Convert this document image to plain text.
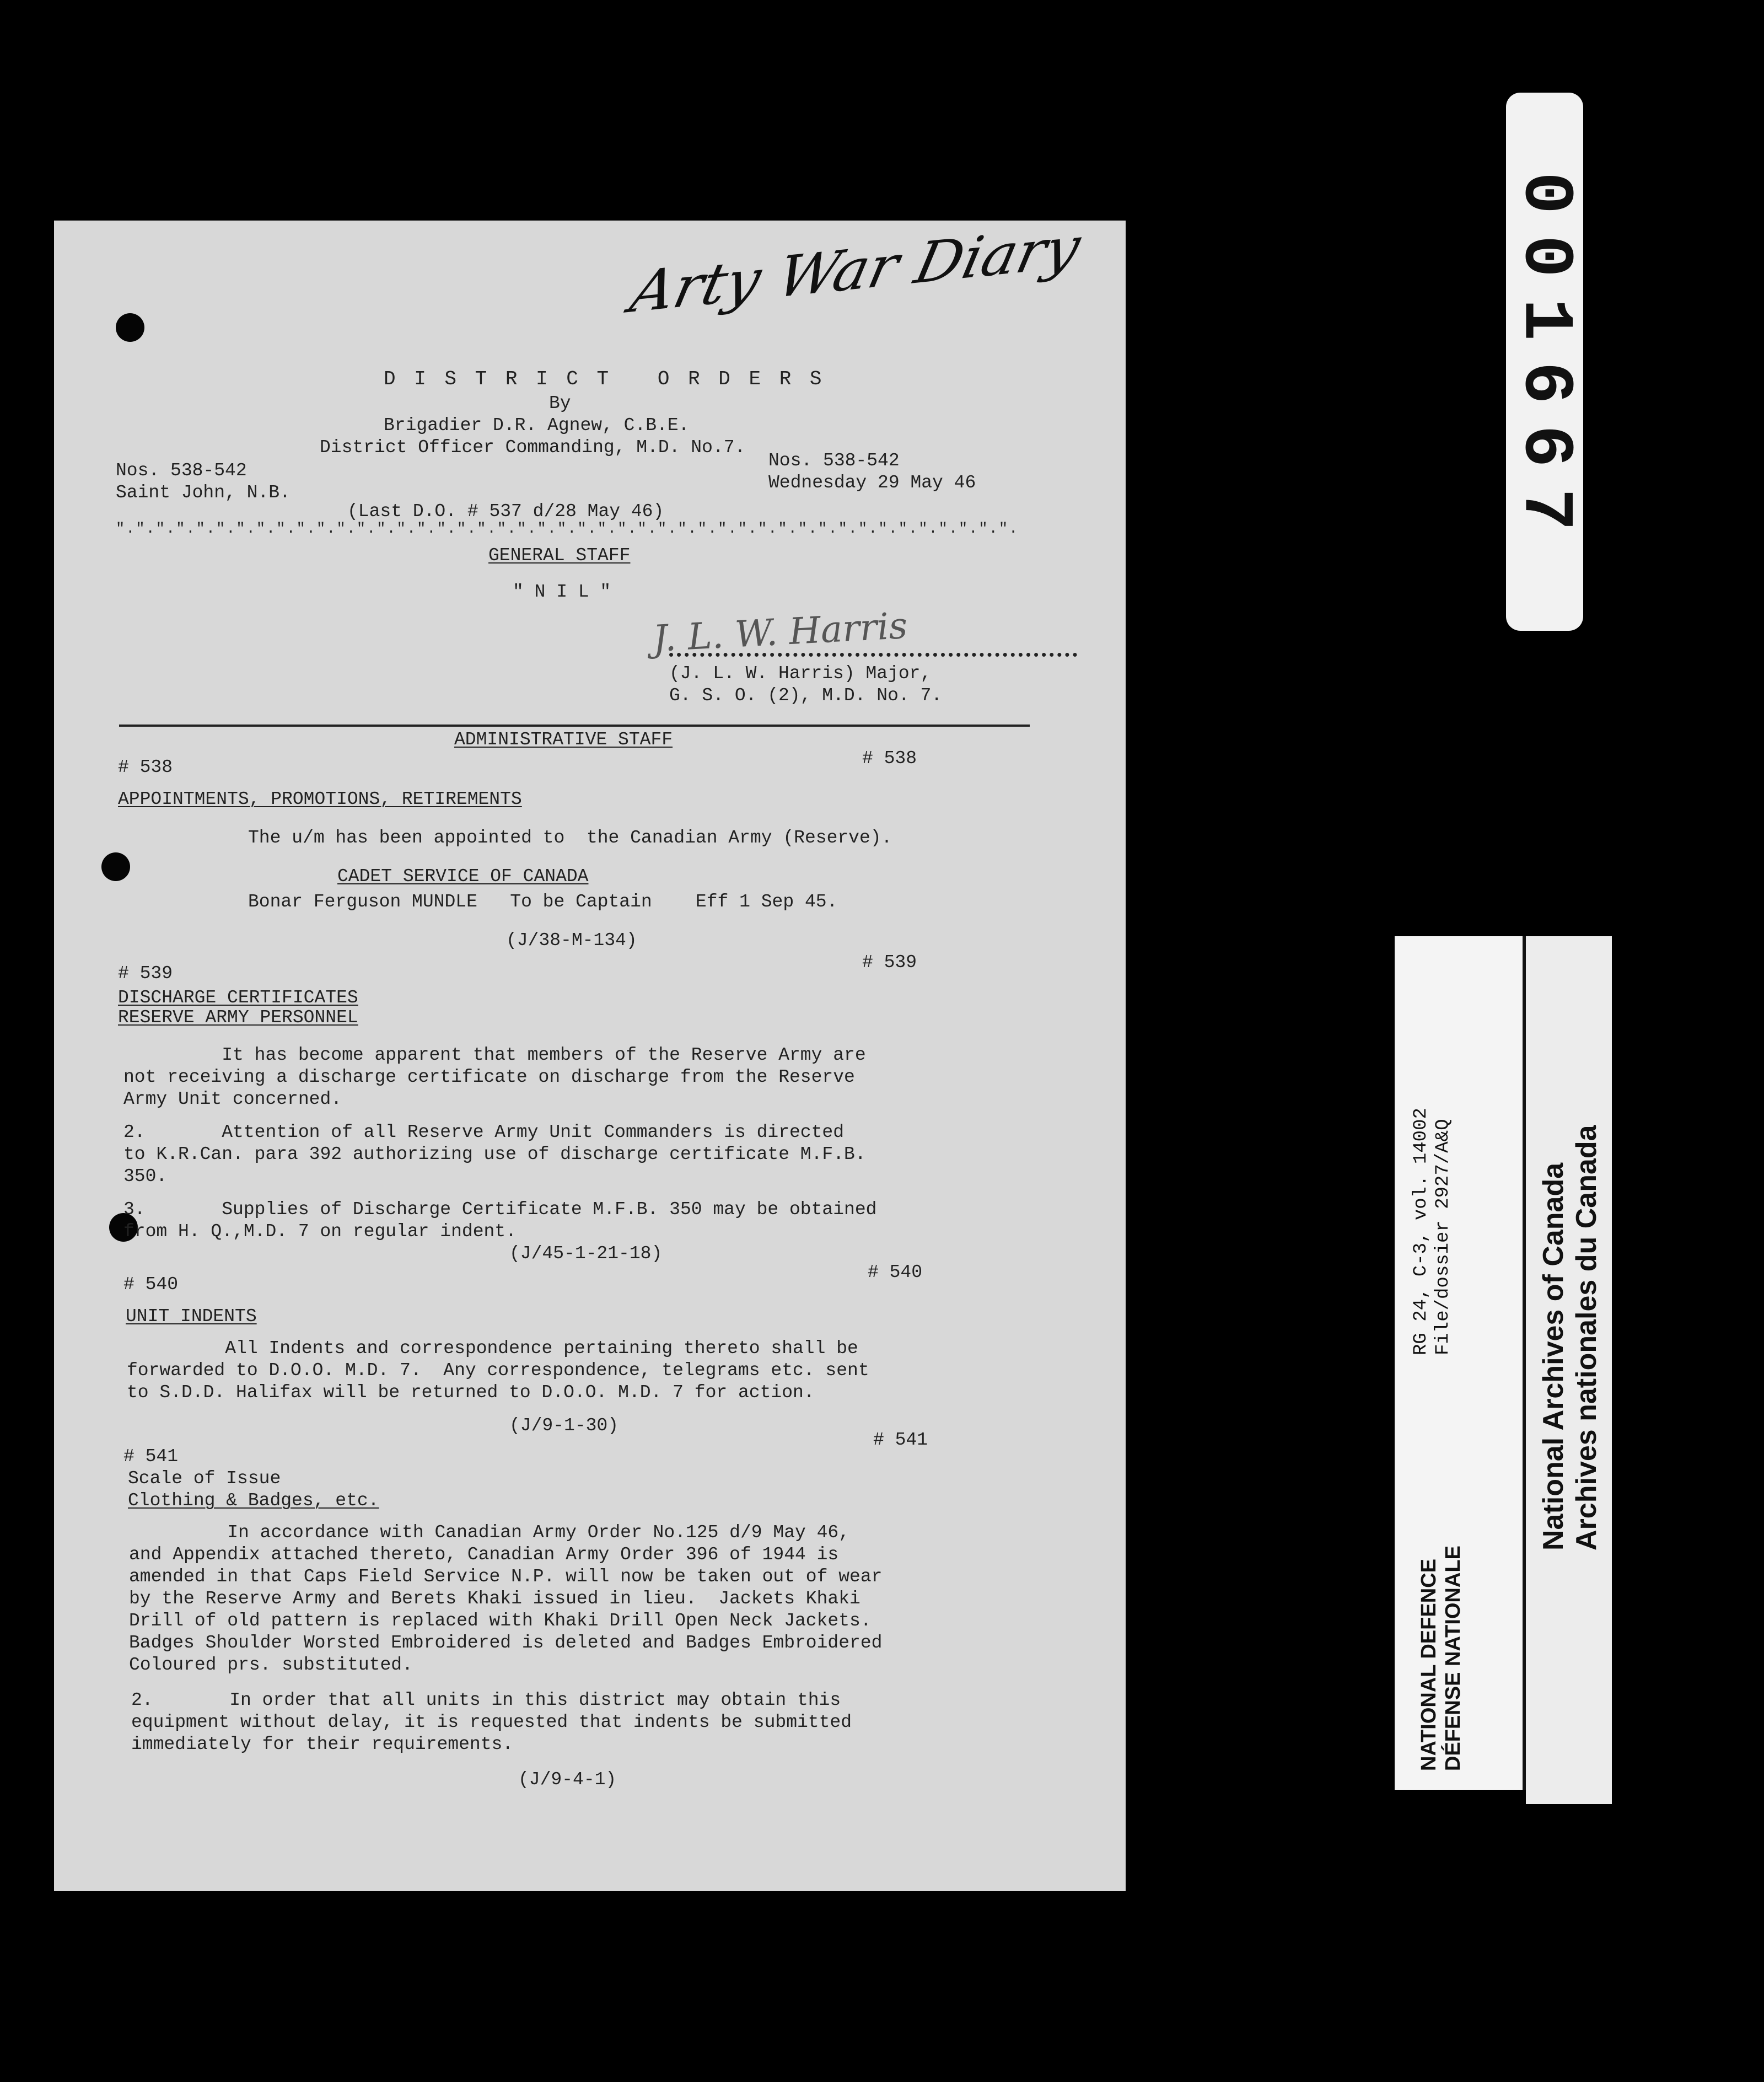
Arty War Diary
D I S T R I C T   O R D E R S
By
Brigadier D.R. Agnew, C.B.E.
District Officer Commanding, M.D. No.7.
Nos. 538-542	Nos. 538-542
Saint John, N.B.	Wednesday 29 May 46
(Last D.O. # 537 d/28 May 46)
".".".".".".".".".".".".".".".".".".".".".".".".".".".".".".".".".".".".".".".".".".".".".
GENERAL STAFF
" N I L "
J. L. W. Harris
(J. L. W. Harris) Major,
G. S. O. (2), M.D. No. 7.
ADMINISTRATIVE STAFF
# 538	# 538
APPOINTMENTS, PROMOTIONS, RETIREMENTS
The u/m has been appointed to  the Canadian Army (Reserve).
CADET SERVICE OF CANADA
Bonar Ferguson MUNDLE   To be Captain    Eff 1 Sep 45.
(J/38-M-134)
# 539
# 539
DISCHARGE CERTIFICATES
RESERVE ARMY PERSONNEL
It has become apparent that members of the Reserve Army are
not receiving a discharge certificate on discharge from the Reserve
Army Unit concerned.
2.       Attention of all Reserve Army Unit Commanders is directed
to K.R.Can. para 392 authorizing use of discharge certificate M.F.B.
350.
3.       Supplies of Discharge Certificate M.F.B. 350 may be obtained
from H. Q.,M.D. 7 on regular indent.
(J/45-1-21-18)
# 540
# 540
UNIT INDENTS
All Indents and correspondence pertaining thereto shall be
forwarded to D.O.O. M.D. 7.  Any correspondence, telegrams etc. sent
to S.D.D. Halifax will be returned to D.O.O. M.D. 7 for action.
(J/9-1-30)
# 541
# 541
Scale of Issue
Clothing & Badges, etc.
In accordance with Canadian Army Order No.125 d/9 May 46,
and Appendix attached thereto, Canadian Army Order 396 of 1944 is
amended in that Caps Field Service N.P. will now be taken out of wear
by the Reserve Army and Berets Khaki issued in lieu.  Jackets Khaki
Drill of old pattern is replaced with Khaki Drill Open Neck Jackets.
Badges Shoulder Worsted Embroidered is deleted and Badges Embroidered
Coloured prs. substituted.
2.       In order that all units in this district may obtain this
equipment without delay, it is requested that indents be submitted
immediately for their requirements.
(J/9-4-1)
001667
RG 24, C-3, vol. 14002 File/dossier 2927/A&Q
NATIONAL DEFENCE DÉFENSE NATIONALE
National Archives of Canada Archives nationales du Canada
